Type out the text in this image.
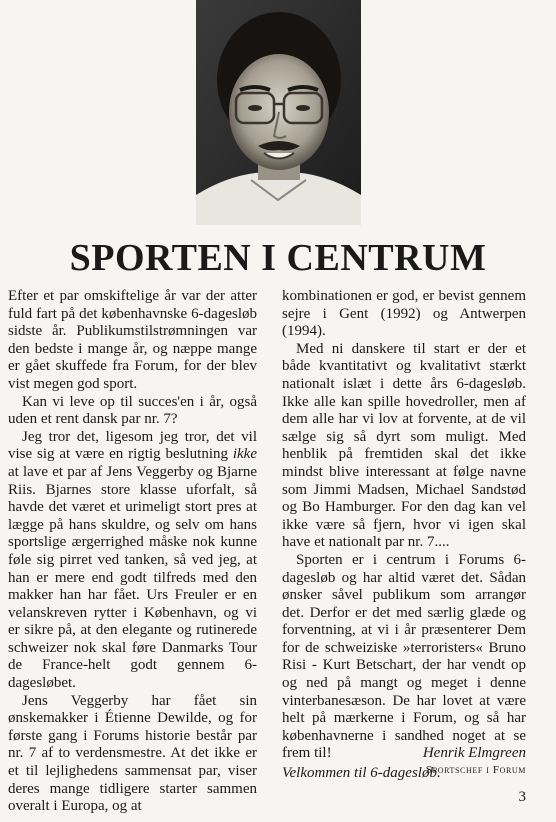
SPORTEN I CENTRUM

Efter et par omskiftelige år var der atter fuld fart på det københavnske 6-dagesløb sidste år. Publikumstilstrømningen var den bedste i mange år, og næppe mange er gået skuffede fra Forum, for der blev vist megen god sport.

Kan vi leve op til succes'en i år, også uden et rent dansk par nr. 7?

Jeg tror det, ligesom jeg tror, det vil vise sig at være en rigtig beslutning ikke at lave et par af Jens Veggerby og Bjarne Riis. Bjarnes store klasse uforfalt, så havde det været et urimeligt stort pres at lægge på hans skuldre, og selv om hans sportslige ærgerrighed måske nok kunne føle sig pirret ved tanken, så ved jeg, at han er mere end godt tilfreds med den makker han har fået. Urs Freuler er en velanskreven rytter i København, og vi er sikre på, at den elegante og rutinerede schweizer nok skal føre Danmarks Tour de France-helt godt gennem 6-dagesløbet.

Jens Veggerby har fået sin ønskemakker i Étienne Dewilde, og for første gang i Forums historie består par nr. 7 af to verdensmestre. At det ikke er et til lejlighedens sammensat par, viser deres mange tidligere starter sammen overalt i Europa, og at

kombinationen er god, er bevist gennem sejre i Gent (1992) og Antwerpen (1994).

Med ni danskere til start er der et både kvantitativt og kvalitativt stærkt nationalt islæt i dette års 6-dagesløb. Ikke alle kan spille hovedroller, men af dem alle har vi lov at forvente, at de vil sælge sig så dyrt som muligt. Med henblik på fremtiden skal det ikke mindst blive interessant at følge navne som Jimmi Madsen, Michael Sandstød og Bo Hamburger. For den dag kan vel ikke være så fjern, hvor vi igen skal have et nationalt par nr. 7....

Sporten er i centrum i Forums 6-dagesløb og har altid været det. Sådan ønsker såvel publikum som arrangør det. Derfor er det med særlig glæde og forventning, at vi i år præsenterer Dem for de schweiziske »terroristers« Bruno Risi - Kurt Betschart, der har vendt op og ned på mangt og meget i denne vinterbanesæson. De har lovet at være helt på mærkerne i Forum, og så har københavnerne i sandhed noget at se frem til!

Velkommen til 6-dagesløb.

Henrik Elmgreen
Sportschef i Forum
3
